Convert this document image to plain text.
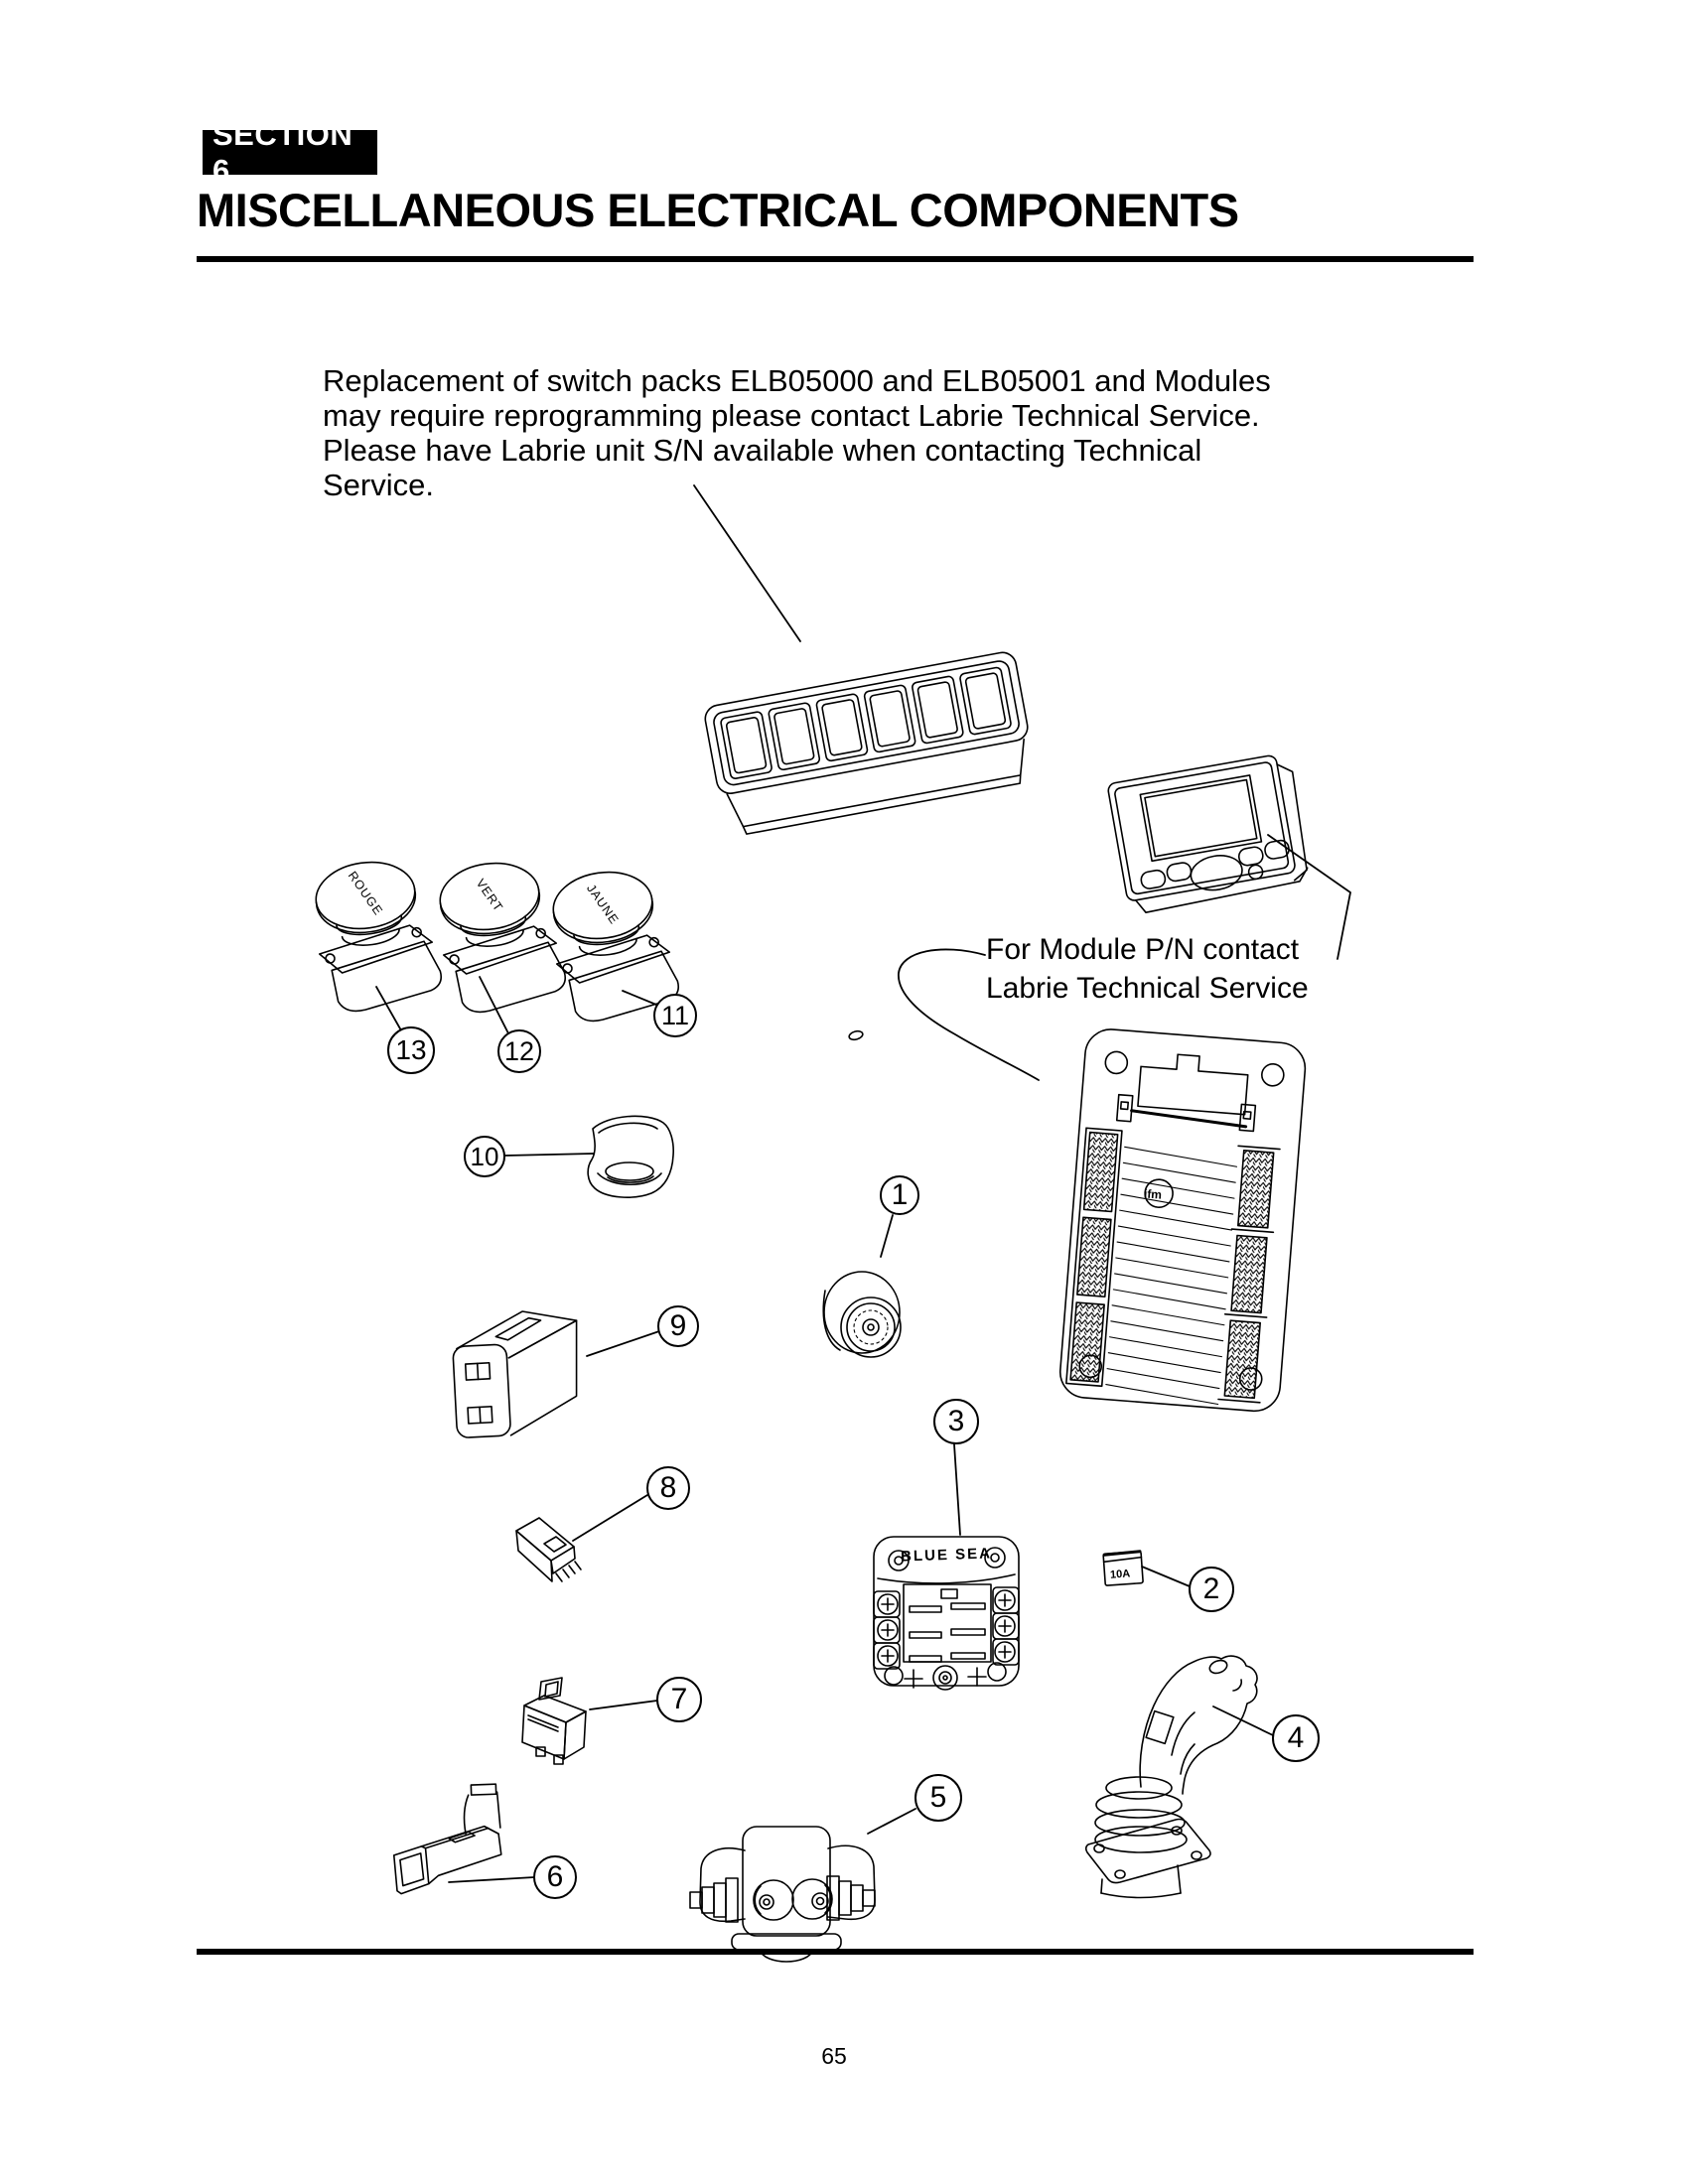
SECTION 6
MISCELLANEOUS ELECTRICAL COMPONENTS
Replacement of switch packs ELB05000 and ELB05001 and Modules
may require reprogramming please contact Labrie Technical Service.
Please have Labrie unit S/N available when contacting Technical
Service.
For Module P/N contact
Labrie Technical Service
1
2
3
4
5
6
7
8
9
10
11
12
13
BLUE SEA
10A
ifm
ROUGE	VERT	JAUNE
65
